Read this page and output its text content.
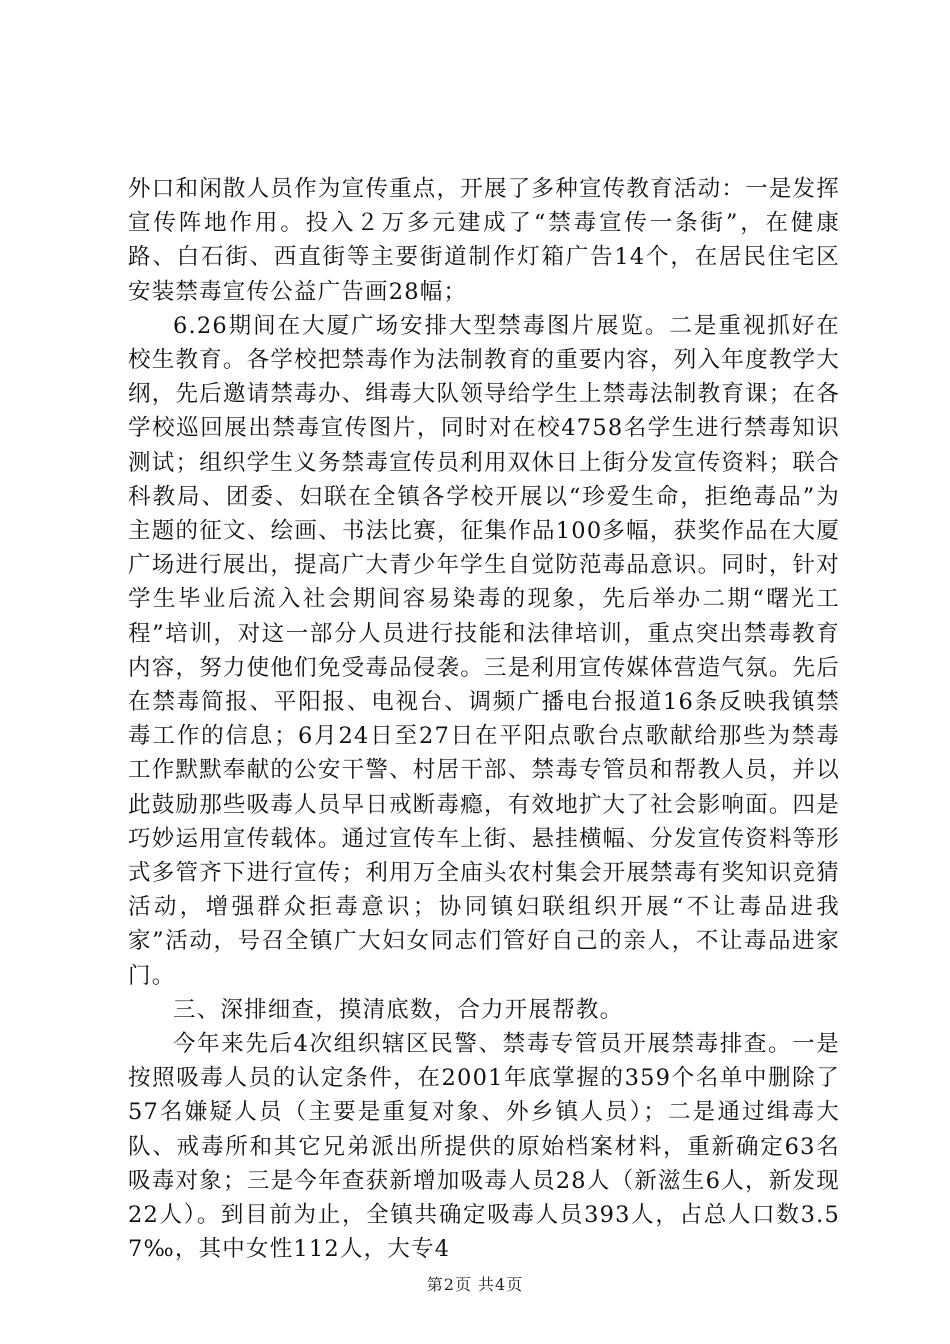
外口和闲散人员作为宣传重点，开展了多种宣传教育活动：一是发挥宣传阵地作用。投入２万多元建成了“禁毒宣传一条街”，在健康路、白石街、西直街等主要街道制作灯箱广告14个，在居民住宅区安装禁毒宣传公益广告画28幅；

6.26期间在大厦广场安排大型禁毒图片展览。二是重视抓好在校生教育。各学校把禁毒作为法制教育的重要内容，列入年度教学大纲，先后邀请禁毒办、缉毒大队领导给学生上禁毒法制教育课；在各学校巡回展出禁毒宣传图片，同时对在校4758名学生进行禁毒知识测试；组织学生义务禁毒宣传员利用双休日上街分发宣传资料；联合科教局、团委、妇联在全镇各学校开展以“珍爱生命，拒绝毒品”为主题的征文、绘画、书法比赛，征集作品100多幅，获奖作品在大厦广场进行展出，提高广大青少年学生自觉防范毒品意识。同时，针对学生毕业后流入社会期间容易染毒的现象，先后举办二期“曙光工程”培训，对这一部分人员进行技能和法律培训，重点突出禁毒教育内容，努力使他们免受毒品侵袭。三是利用宣传媒体营造气氛。先后在禁毒简报、平阳报、电视台、调频广播电台报道16条反映我镇禁毒工作的信息；6月24日至27日在平阳点歌台点歌献给那些为禁毒工作默默奉献的公安干警、村居干部、禁毒专管员和帮教人员，并以此鼓励那些吸毒人员早日戒断毒瘾，有效地扩大了社会影响面。四是巧妙运用宣传载体。通过宣传车上街、悬挂横幅、分发宣传资料等形式多管齐下进行宣传；利用万全庙头农村集会开展禁毒有奖知识竞猜活动，增强群众拒毒意识；协同镇妇联组织开展“不让毒品进我家”活动，号召全镇广大妇女同志们管好自己的亲人，不让毒品进家门。

三、深排细查，摸清底数，合力开展帮教。

今年来先后4次组织辖区民警、禁毒专管员开展禁毒排查。一是按照吸毒人员的认定条件，在2001年底掌握的359个名单中删除了57名嫌疑人员（主要是重复对象、外乡镇人员）；二是通过缉毒大队、戒毒所和其它兄弟派出所提供的原始档案材料，重新确定63名吸毒对象；三是今年查获新增加吸毒人员28人（新滋生6人，新发现22人）。到目前为止，全镇共确定吸毒人员393人，占总人口数3.57‰，其中女性112人，大专4

第2页 共4页
